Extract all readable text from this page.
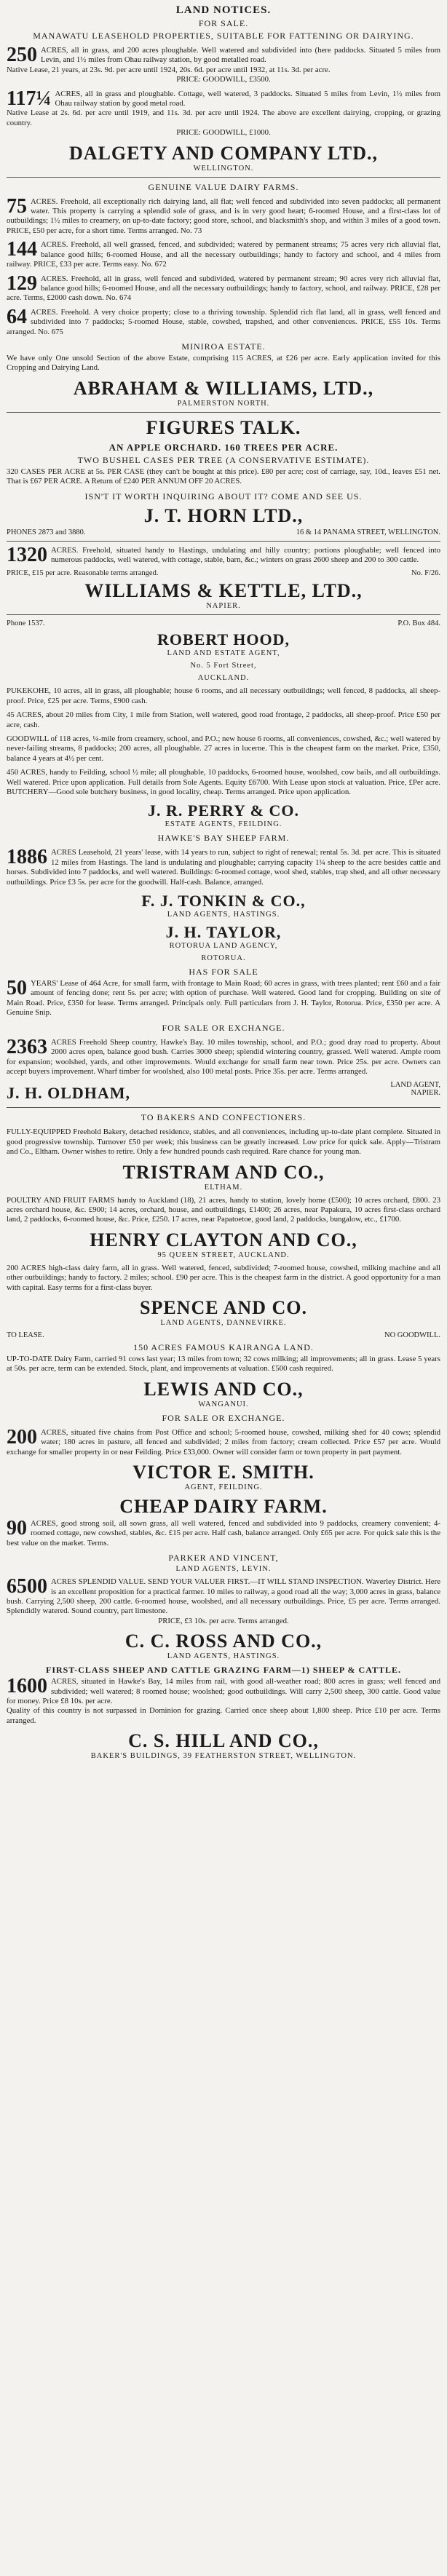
LAND NOTICES.
FOR SALE.
MANAWATU LEASEHOLD PROPERTIES, SUITABLE FOR FATTENING OR DAIRYING.
250 ACRES, all in grass, and 200 acres ploughable. Well watered and subdivided into (here paddocks. Situated 5 miles from Levin, and 1½ miles from Ohau railway station, by good metalled road.

Native Lease, 21 years, at 23s. 9d. per acre until 1924, 20s. 6d. per acre until 1932, at 11s. 3d. per acre.

PRICE: GOODWILL, £3500.

117¼ ACRES, all in grass and ploughable. Cottage, well watered, 3 paddocks. Situated 5 miles from Levin, 1½ miles from Ohau railway station by good metal road.

Native Lease at 2s. 6d. per acre until 1919, and 11s. 3d. per acre until 1924. The above are excellent dairying, cropping, or grazing country.

PRICE: GOODWILL, £1000.

DALGETY AND COMPANY LTD.,
WELLINGTON.
GENUINE VALUE DAIRY FARMS.
75 ACRES. Freehold, all exceptionally rich dairying land, all flat; well fenced and subdivided into seven paddocks; all permanent water. This property is carrying a splendid sole of grass, and is in very good heart; 6-roomed House, and a first-class lot of outbuildings; 1½ miles to creamery, on up-to-date factory; good store, school, and blacksmith's shop, and within 3 miles of a good town. PRICE, £50 per acre, for a short time. Terms arranged. No. 73
144 ACRES. Freehold, all well grassed, fenced, and subdivided; watered by permanent streams; 75 acres very rich alluvial flat, balance good hills; 6-roomed House, and all the necessary outbuildings; handy to factory and school, and 4 miles from railway. PRICE, £33 per acre. Terms easy. No. 672
129 ACRES. Freehold, all in grass, well fenced and subdivided, watered by permanent stream; 90 acres very rich alluvial flat, balance good hills; 6-roomed House, and all the necessary outbuildings; handy to factory, school, and railway. PRICE, £28 per acre. Terms, £2000 cash down. No. 674
64 ACRES. Freehold. A very choice property; close to a thriving township. Splendid rich flat land, all in grass, well fenced and subdivided into 7 paddocks; 5-roomed House, stable, cowshed, trapshed, and other conveniences. PRICE, £55 10s. Terms arranged. No. 675
MINIROA ESTATE.
We have only One unsold Section of the above Estate, comprising 115 ACRES, at £26 per acre. Early application invited for this Cropping and Dairying Land.
ABRAHAM & WILLIAMS, LTD.,
PALMERSTON NORTH.
FIGURES TALK.
AN APPLE ORCHARD. 160 TREES PER ACRE.
TWO BUSHEL CASES PER TREE (A CONSERVATIVE ESTIMATE).
320 CASES PER ACRE at 5s. PER CASE (they can't be bought at this price). £80 per acre; cost of carriage, say, 10d., leaves £51 net. That is £67 PER ACRE. A Return of £240 PER ANNUM OFF 20 ACRES.
ISN'T IT WORTH INQUIRING ABOUT IT? COME AND SEE US.
J. T. HORN LTD.,
PHONES 2873 and 3880.	16 & 14 PANAMA STREET, WELLINGTON.
1320 ACRES. Freehold, situated handy to Hastings, undulating and hilly country; portions ploughable; well fenced into numerous paddocks, well watered, with cottage, stable, barn, &c.; winters on grass 2600 sheep and 200 to 300 cattle.
PRICE, £15 per acre. Reasonable terms arranged.	No. F/26.
WILLIAMS & KETTLE, LTD.,
NAPIER.
Phone 1537.	P.O. Box 484.
ROBERT HOOD,
LAND AND ESTATE AGENT,
No. 5 Fort Street,
AUCKLAND.
PUKEKOHE, 10 acres, all in grass, all ploughable; house 6 rooms, and all necessary outbuildings; well fenced, 8 paddocks, all sheep-proof. Price, £25 per acre. Terms, £900 cash.
45 ACRES, about 20 miles from City, 1 mile from Station, well watered, good road frontage, 2 paddocks, all sheep-proof. Price £50 per acre, cash.
GOODWILL of 118 acres, ¼-mile from creamery, school, and P.O.; new house 6 rooms, all conveniences, cowshed, &c.; well watered by never-failing streams, 8 paddocks; 200 acres, all ploughable. 27 acres in lucerne. This is the cheapest farm on the market. Price, £350, balance 4 years at 4½ per cent.
450 ACRES, handy to Feilding, school ½ mile; all ploughable, 10 paddocks, 6-roomed house, woolshed, cow bails, and all outbuildings. Well watered. Price upon application. Full details from Sole Agents. Equity £6700. With Lease upon stock at valuation. Price, £Per acre. BUTCHERY—Good sole butchery business, in good locality, cheap. Terms arranged. Price upon application.
J. R. PERRY & CO.
ESTATE AGENTS, FEILDING.
HAWKE'S BAY SHEEP FARM.
1886 ACRES Leasehold, 21 years' lease, with 14 years to run, subject to right of renewal; rental 5s. 3d. per acre. This is situated 12 miles from Hastings. The land is undulating and ploughable; carrying capacity 1¼ sheep to the acre besides cattle and horses. Subdivided into 7 paddocks, and well watered. Buildings: 6-roomed cottage, wool shed, stables, trap shed, and all other necessary outbuildings. Price £3 5s. per acre for the goodwill. Half-cash. Balance, arranged.
F. J. TONKIN & CO.,
LAND AGENTS, HASTINGS.
J. H. TAYLOR,
ROTORUA LAND AGENCY,
ROTORUA.
HAS FOR SALE
50 YEARS' Lease of 464 Acre, for small farm, with frontage to Main Road; 60 acres in grass, with trees planted; rent £60 and a fair amount of fencing done; rent 5s. per acre; with option of purchase. Well watered. Good land for cropping. Building on site of Main Road. Price, £350 for lease. Terms arranged. Principals only. Full particulars from J. H. Taylor, Rotorua. Price, £350 per acre. A Genuine Snip.
FOR SALE OR EXCHANGE.
2363 ACRES Freehold Sheep country, Hawke's Bay. 10 miles township, school, and P.O.; good dray road to property. About 2000 acres open, balance good bush. Carries 3000 sheep; splendid wintering country, grassed. Well watered. Ample room for expansion; woolshed, yards, and other improvements. Would exchange for small farm near town. Price 25s. per acre. Owners can accept buyers improvement. Wharf timber for woolshed, also 100 metal posts. Price 35s. per acre. Terms arranged.
J. H. OLDHAM,	LAND AGENT,
NAPIER.
TO BAKERS AND CONFECTIONERS.
FULLY-EQUIPPED Freehold Bakery, detached residence, stables, and all conveniences, including up-to-date plant complete. Situated in good progressive township. Turnover £50 per week; this business can be greatly increased. Low price for quick sale. Apply—Tristram and Co., Eltham. Owner wishes to retire. Only a few hundred pounds cash required. Rare chance for young man.
TRISTRAM AND CO.,
ELTHAM.
POULTRY AND FRUIT FARMS handy to Auckland (18), 21 acres, handy to station, lovely home (£500); 10 acres orchard, £800. 23 acres orchard house, &c. £900; 14 acres, orchard, house, and outbuildings, £1400; 26 acres, near Papakura, 10 acres first-class orchard land, 2 paddocks, 6-roomed house, &c. Price, £250. 17 acres, near Papatoetoe, good land, 2 paddocks, bungalow, etc., £1700.
HENRY CLAYTON AND CO.,
95 QUEEN STREET, AUCKLAND.
200 ACRES high-class dairy farm, all in grass. Well watered, fenced, subdivided; 7-roomed house, cowshed, milking machine and all other outbuildings; handy to factory. 2 miles; school. £90 per acre. This is the cheapest farm in the district. A good opportunity for a man with capital. Easy terms for a first-class buyer.
SPENCE AND CO.
LAND AGENTS, DANNEVIRKE.
TO LEASE.	NO GOODWILL.
150 ACRES FAMOUS KAIRANGA LAND.
UP-TO-DATE Dairy Farm, carried 91 cows last year; 13 miles from town; 32 cows milking; all improvements; all in grass. Lease 5 years at 50s. per acre, term can be extended. Stock, plant, and improvements at valuation. £500 cash required.
LEWIS AND CO.,
WANGANUI.
FOR SALE OR EXCHANGE.
200 ACRES, situated five chains from Post Office and school; 5-roomed house, cowshed, milking shed for 40 cows; splendid water; 180 acres in pasture, all fenced and subdivided; 2 miles from factory; cream collected. Price £57 per acre. Would exchange for smaller property in or near Feilding. Price £33,000. Owner will consider farm or town property in part payment.
VICTOR E. SMITH.
AGENT, FEILDING.
CHEAP DAIRY FARM.
90 ACRES, good strong soil, all sown grass, all well watered, fenced and subdivided into 9 paddocks, creamery convenient; 4-roomed cottage, new cowshed, stables, &c. £15 per acre. Half cash, balance arranged. Only £65 per acre. For quick sale this is the best value on the market. Terms.
PARKER AND VINCENT,
LAND AGENTS, LEVIN.
6500 ACRES SPLENDID VALUE. SEND YOUR VALUER FIRST.—IT WILL STAND INSPECTION. Waverley District. Here is an excellent proposition for a practical farmer. 10 miles to railway, a good road all the way; 3,000 acres in grass, balance bush. Carrying 2,500 sheep, 200 cattle. 6-roomed house, woolshed, and all necessary outbuildings. Price, £5 per acre. Terms arranged. Splendidly watered. Sound country, part limestone.

PRICE, £3 10s. per acre. Terms arranged.

C. C. ROSS AND CO.,
LAND AGENTS, HASTINGS.
FIRST-CLASS SHEEP AND CATTLE GRAZING FARM—1) SHEEP & CATTLE.
1600 ACRES, situated in Hawke's Bay, 14 miles from rail, with good all-weather road; 800 acres in grass; well fenced and subdivided; well watered; 8 roomed house; woolshed; good outbuildings. Will carry 2,500 sheep, 300 cattle. Good value for money. Price £8 10s. per acre.

Quality of this country is not surpassed in Dominion for grazing. Carried once sheep about 1,800 sheep. Price £10 per acre. Terms arranged.

C. S. HILL AND CO.,
BAKER'S BUILDINGS, 39 FEATHERSTON STREET, WELLINGTON.
